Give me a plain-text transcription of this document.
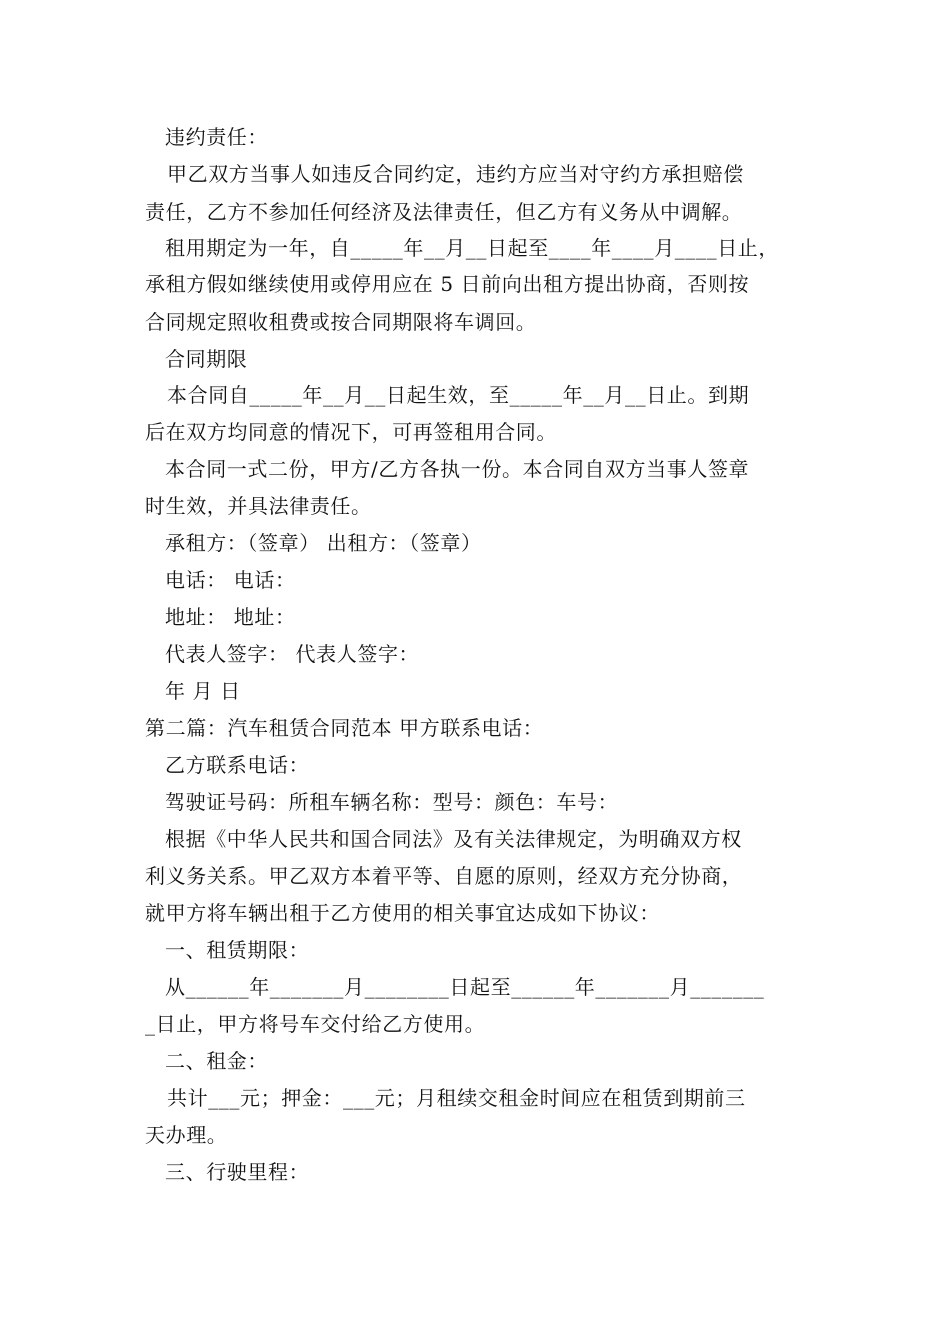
违约责任：
甲乙双方当事人如违反合同约定，违约方应当对守约方承担赔偿
责任，乙方不参加任何经济及法律责任，但乙方有义务从中调解。
租用期定为一年，自_____年__月__日起至____年____月____日止，
承租方假如继续使用或停用应在 5 日前向出租方提出协商，否则按
合同规定照收租费或按合同期限将车调回。
合同期限
本合同自_____年__月__日起生效，至_____年__月__日止。到期
后在双方均同意的情况下，可再签租用合同。
本合同一式二份，甲方/乙方各执一份。本合同自双方当事人签章
时生效，并具法律责任。
承租方：（签章） 出租方：（签章）
电话： 电话：
地址： 地址：
代表人签字： 代表人签字：
年 月 日
第二篇：汽车租赁合同范本 甲方联系电话：
乙方联系电话：
驾驶证号码：所租车辆名称：型号：颜色：车号：
根据《中华人民共和国合同法》及有关法律规定，为明确双方权
利义务关系。甲乙双方本着平等、自愿的原则，经双方充分协商，
就甲方将车辆出租于乙方使用的相关事宜达成如下协议：
一、租赁期限：
从______年_______月________日起至______年_______月_______
_日止，甲方将号车交付给乙方使用。
二、租金：
共计___元；押金：___元；月租续交租金时间应在租赁到期前三
天办理。
三、行驶里程：
